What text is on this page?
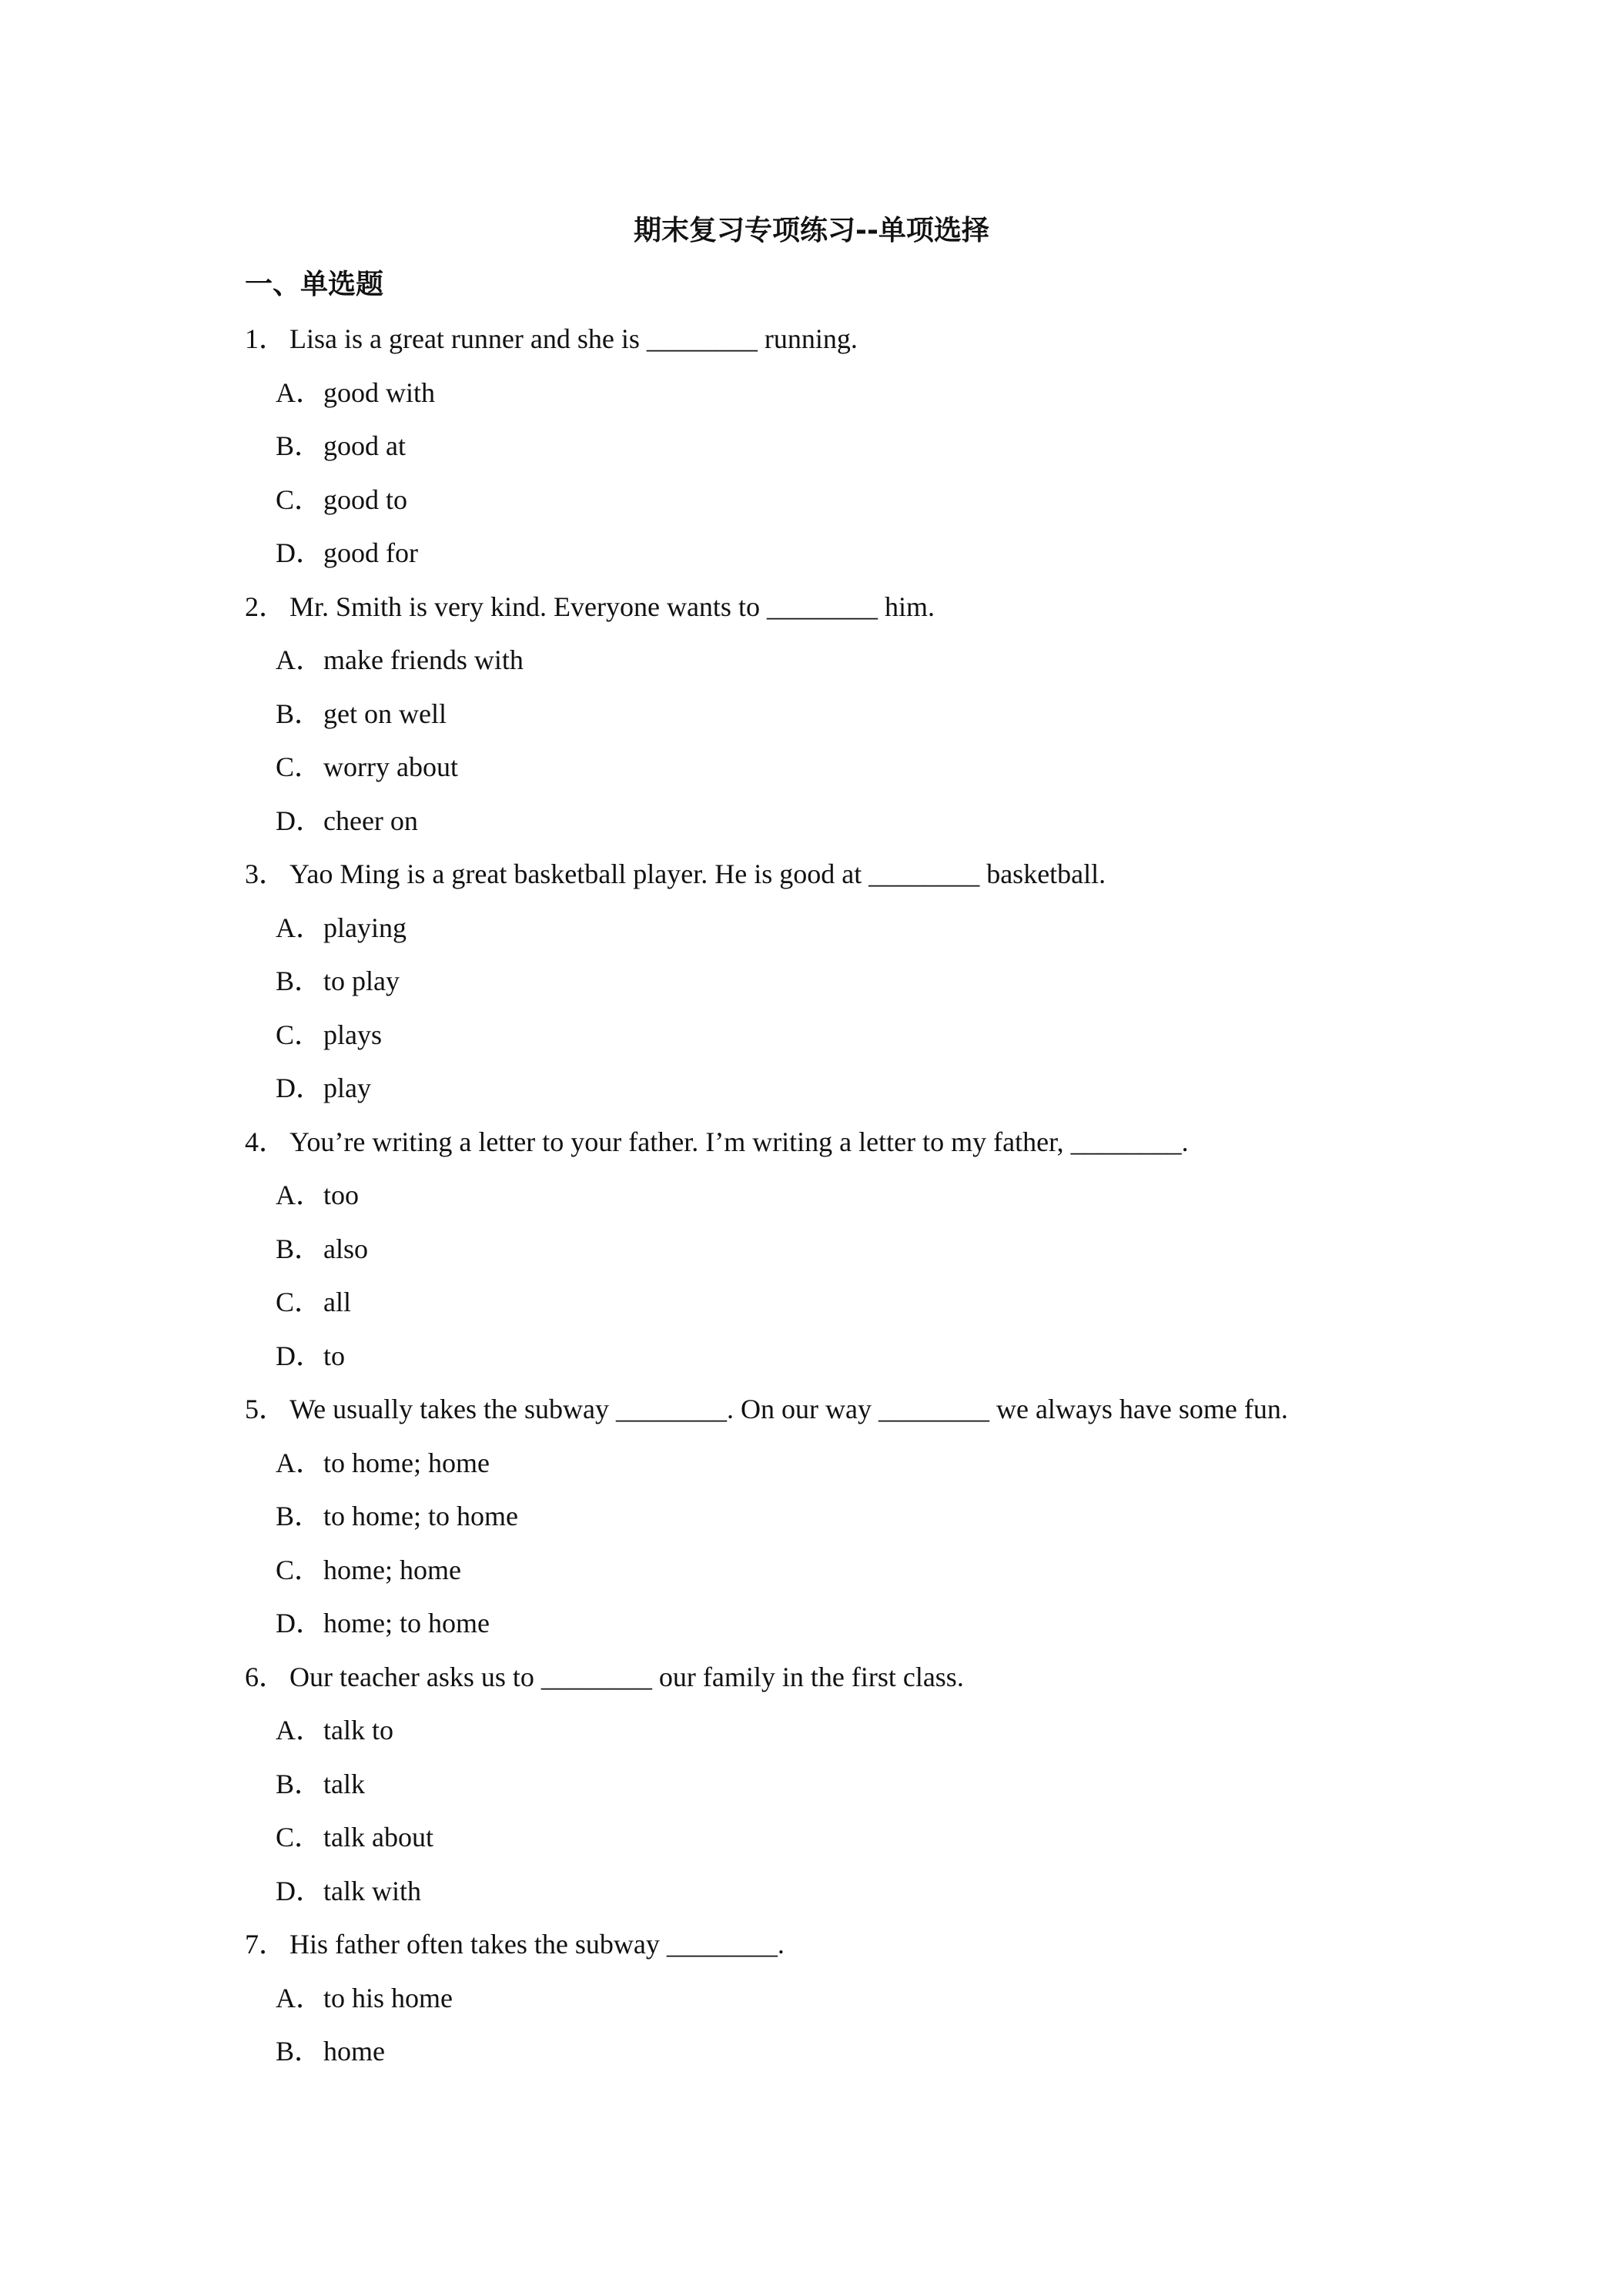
期末复习专项练习--单项选择
一、单选题
1． Lisa is a great runner and she is ________ running.
A．good with
B．good at
C．good to
D．good for
2． Mr. Smith is very kind. Everyone wants to ________ him.
A．make friends with
B．get on well
C．worry about
D．cheer on
3． Yao Ming is a great basketball player. He is good at ________ basketball.
A．playing
B．to play
C．plays
D．play
4． You’re writing a letter to your father. I’m writing a letter to my father, ________.
A．too
B．also
C．all
D．to
5． We usually takes the subway ________. On our way ________ we always have some fun.
A．to home; home
B．to home; to home
C．home; home
D．home; to home
6． Our teacher asks us to ________ our family in the first class.
A．talk to
B．talk
C．talk about
D．talk with
7． His father often takes the subway ________.
A．to his home
B．home
